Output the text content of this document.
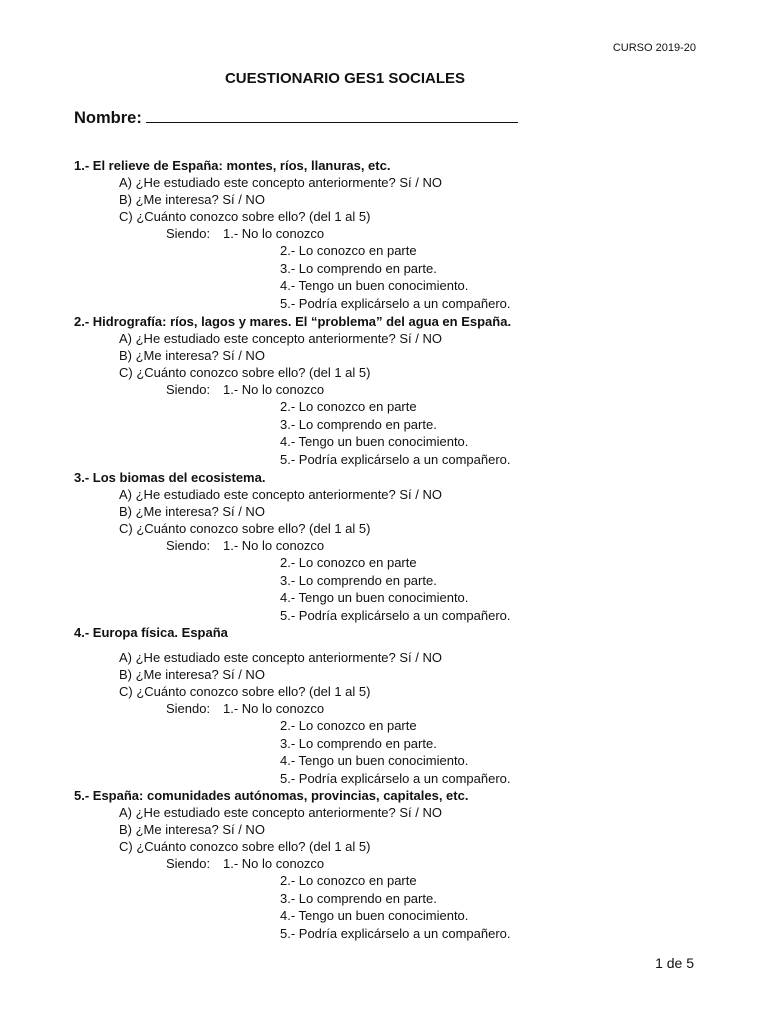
CURSO 2019-20
CUESTIONARIO GES1 SOCIALES
Nombre:
1.- El relieve de España: montes, ríos, llanuras, etc.
A) ¿He estudiado este concepto anteriormente? Sí / NO
B) ¿Me interesa? Sí / NO
C) ¿Cuánto conozco sobre ello? (del 1 al 5)
Siendo: 1.- No lo conozco
2.- Lo conozco en parte
3.- Lo comprendo en parte.
4.- Tengo un buen conocimiento.
5.- Podría explicárselo a un compañero.
2.- Hidrografía: ríos, lagos y mares. El “problema” del agua en España.
A) ¿He estudiado este concepto anteriormente? Sí / NO
B) ¿Me interesa? Sí / NO
C) ¿Cuánto conozco sobre ello? (del 1 al 5)
Siendo: 1.- No lo conozco
2.- Lo conozco en parte
3.- Lo comprendo en parte.
4.- Tengo un buen conocimiento.
5.- Podría explicárselo a un compañero.
3.- Los biomas del ecosistema.
A) ¿He estudiado este concepto anteriormente? Sí / NO
B) ¿Me interesa? Sí / NO
C) ¿Cuánto conozco sobre ello? (del 1 al 5)
Siendo: 1.- No lo conozco
2.- Lo conozco en parte
3.- Lo comprendo en parte.
4.- Tengo un buen conocimiento.
5.- Podría explicárselo a un compañero.
4.- Europa física. España
A) ¿He estudiado este concepto anteriormente? Sí / NO
B) ¿Me interesa? Sí / NO
C) ¿Cuánto conozco sobre ello? (del 1 al 5)
Siendo: 1.- No lo conozco
2.- Lo conozco en parte
3.- Lo comprendo en parte.
4.- Tengo un buen conocimiento.
5.- Podría explicárselo a un compañero.
5.- España: comunidades autónomas, provincias, capitales, etc.
A) ¿He estudiado este concepto anteriormente? Sí / NO
B) ¿Me interesa? Sí / NO
C) ¿Cuánto conozco sobre ello? (del 1 al 5)
Siendo: 1.- No lo conozco
2.- Lo conozco en parte
3.- Lo comprendo en parte.
4.- Tengo un buen conocimiento.
5.- Podría explicárselo a un compañero.
1 de 5
